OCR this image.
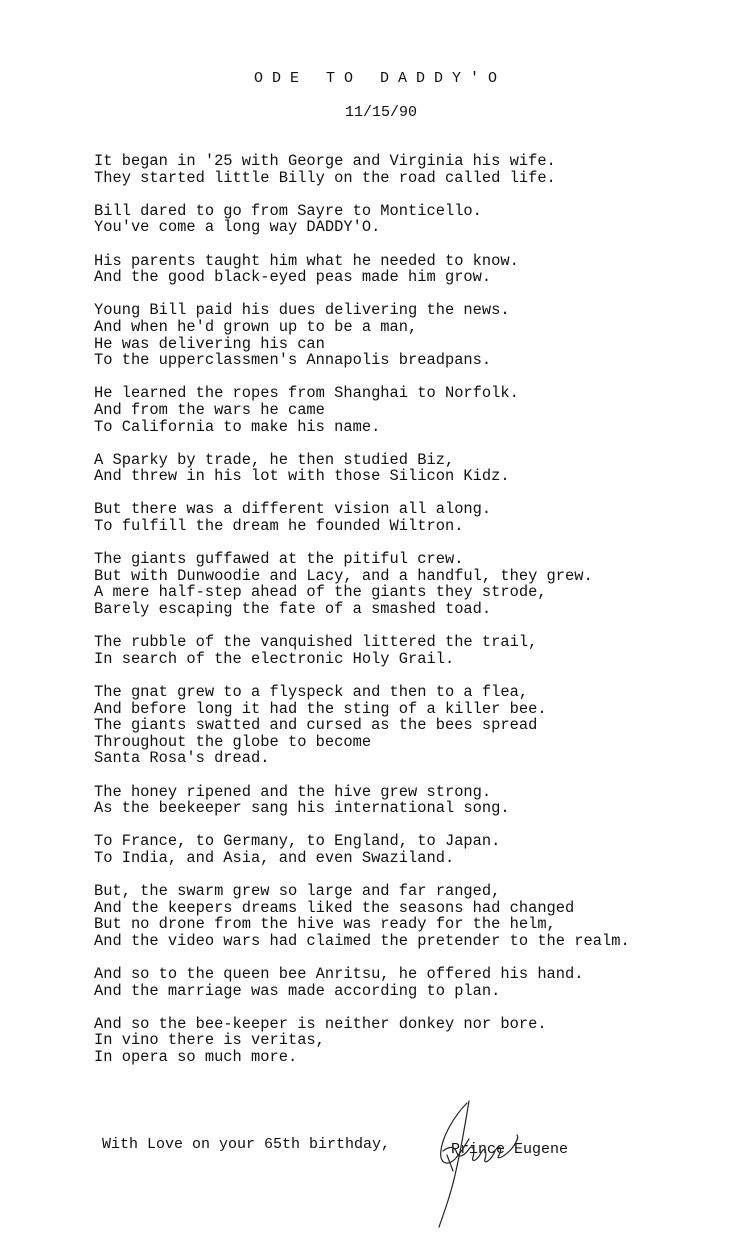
ODE TO DADDY'O
11/15/90
It began in '25 with George and Virginia his wife.
They started little Billy on the road called life.
Bill dared to go from Sayre to Monticello.
You've come a long way DADDY'O.
His parents taught him what he needed to know.
And the good black-eyed peas made him grow.
Young Bill paid his dues delivering the news.
And when he'd grown up to be a man,
He was delivering his can
To the upperclassmen's Annapolis breadpans.
He learned the ropes from Shanghai to Norfolk.
And from the wars he came
To California to make his name.
A Sparky by trade, he then studied Biz,
And threw in his lot with those Silicon Kidz.
But there was a different vision all along.
To fulfill the dream he founded Wiltron.
The giants guffawed at the pitiful crew.
But with Dunwoodie and Lacy, and a handful, they grew.
A mere half-step ahead of the giants they strode,
Barely escaping the fate of a smashed toad.
The rubble of the vanquished littered the trail,
In search of the electronic Holy Grail.
The gnat grew to a flyspeck and then to a flea,
And before long it had the sting of a killer bee.
The giants swatted and cursed as the bees spread
Throughout the globe to become
Santa Rosa's dread.
The honey ripened and the hive grew strong.
As the beekeeper sang his international song.
To France, to Germany, to England, to Japan.
To India, and Asia, and even Swaziland.
But, the swarm grew so large and far ranged,
And the keepers dreams liked the seasons had changed
But no drone from the hive was ready for the helm,
And the video wars had claimed the pretender to the realm.
And so to the queen bee Anritsu, he offered his hand.
And the marriage was made according to plan.
And so the bee-keeper is neither donkey nor bore.
In vino there is veritas,
In opera so much more.
With Love on your 65th birthday,	Prince Eugene
